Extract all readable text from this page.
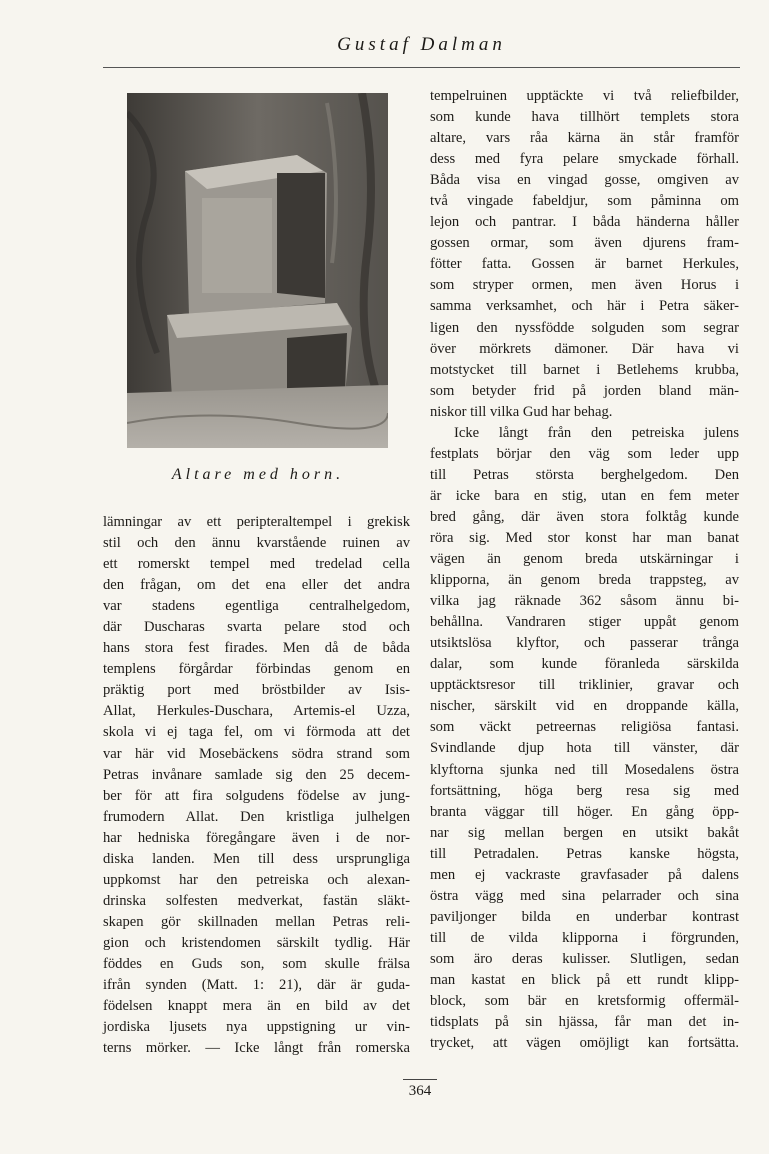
Gustaf Dalman
Altare med horn.
lämningar av ett peripteraltempel i grekisk
stil och den ännu kvarstående ruinen av
ett romerskt tempel med tredelad cella
den frågan, om det ena eller det andra
var stadens egentliga centralhelgedom,
där Duscharas svarta pelare stod och
hans stora fest firades. Men då de båda
templens förgårdar förbindas genom en
präktig port med bröstbilder av Isis-
Allat, Herkules-Duschara, Artemis-el Uzza,
skola vi ej taga fel, om vi förmoda att det
var här vid Mosebäckens södra strand som
Petras invånare samlade sig den 25 decem-
ber för att fira solgudens födelse av jung-
frumodern Allat. Den kristliga julhelgen
har hedniska föregångare även i de nor-
diska landen. Men till dess ursprungliga
uppkomst har den petreiska och alexan-
drinska solfesten medverkat, fastän släkt-
skapen gör skillnaden mellan Petras reli-
gion och kristendomen särskilt tydlig. Här
föddes en Guds son, som skulle frälsa
ifrån synden (Matt. 1: 21), där är guda-
födelsen knappt mera än en bild av det
jordiska ljusets nya uppstigning ur vin-
terns mörker. — Icke långt från romerska
tempelruinen upptäckte vi två reliefbilder,
som kunde hava tillhört templets stora
altare, vars råa kärna än står framför
dess med fyra pelare smyckade förhall.
Båda visa en vingad gosse, omgiven av
två vingade fabeldjur, som påminna om
lejon och pantrar. I båda händerna håller
gossen ormar, som även djurens fram-
fötter fatta. Gossen är barnet Herkules,
som stryper ormen, men även Horus i
samma verksamhet, och här i Petra säker-
ligen den nyssfödde solguden som segrar
över mörkrets dämoner. Där hava vi
motstycket till barnet i Betlehems krubba,
som betyder frid på jorden bland män-
niskor till vilka Gud har behag.
Icke långt från den petreiska julens
festplats börjar den väg som leder upp
till Petras största berghelgedom. Den
är icke bara en stig, utan en fem meter
bred gång, där även stora folktåg kunde
röra sig. Med stor konst har man banat
vägen än genom breda utskärningar i
klipporna, än genom breda trappsteg, av
vilka jag räknade 362 såsom ännu bi-
behållna. Vandraren stiger uppåt genom
utsiktslösa klyftor, och passerar trånga
dalar, som kunde föranleda särskilda
upptäcktsresor till triklinier, gravar och
nischer, särskilt vid en droppande källa,
som väckt petreernas religiösa fantasi.
Svindlande djup hota till vänster, där
klyftorna sjunka ned till Mosedalens östra
fortsättning, höga berg resa sig med
branta väggar till höger. En gång öpp-
nar sig mellan bergen en utsikt bakåt
till Petradalen. Petras kanske högsta,
men ej vackraste gravfasader på dalens
östra vägg med sina pelarrader och sina
paviljonger bilda en underbar kontrast
till de vilda klipporna i förgrunden,
som äro deras kulisser. Slutligen, sedan
man kastat en blick på ett rundt klipp-
block, som bär en kretsformig offermäl-
tidsplats på sin hjässa, får man det in-
trycket, att vägen omöjligt kan fortsätta.
364
